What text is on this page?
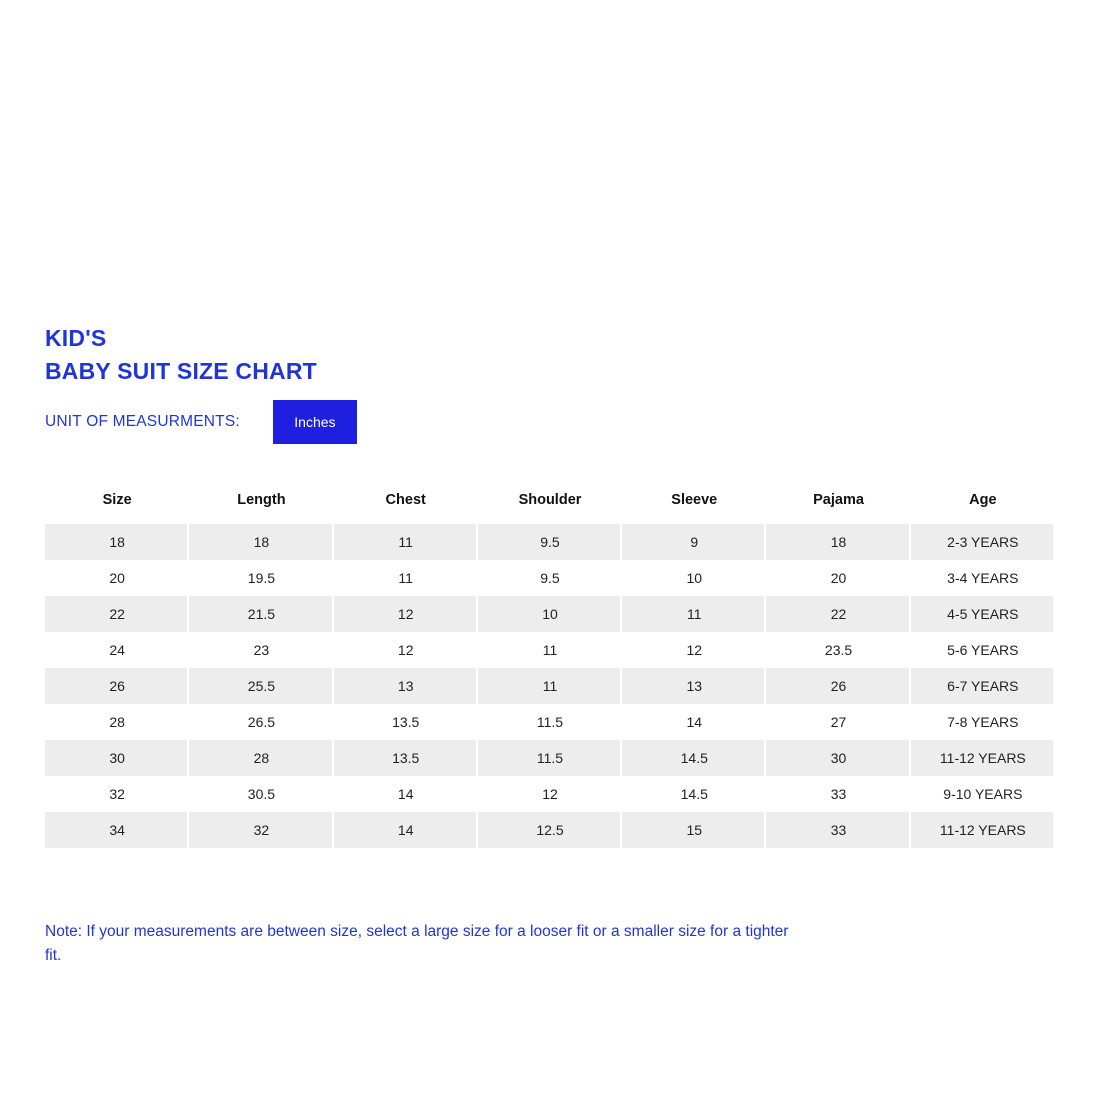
KID'S
BABY SUIT SIZE CHART
UNIT OF MEASURMENTS:	Inches
Size	Length	Chest	Shoulder	Sleeve	Pajama	Age
18	18	11	9.5	9	18	2-3 YEARS
20	19.5	11	9.5	10	20	3-4 YEARS
22	21.5	12	10	11	22	4-5 YEARS
24	23	12	11	12	23.5	5-6 YEARS
26	25.5	13	11	13	26	6-7 YEARS
28	26.5	13.5	11.5	14	27	7-8 YEARS
30	28	13.5	11.5	14.5	30	11-12 YEARS
32	30.5	14	12	14.5	33	9-10 YEARS
34	32	14	12.5	15	33	11-12 YEARS
Note: If your measurements are between size, select a large size for a looser fit or a smaller size for a tighter fit.
